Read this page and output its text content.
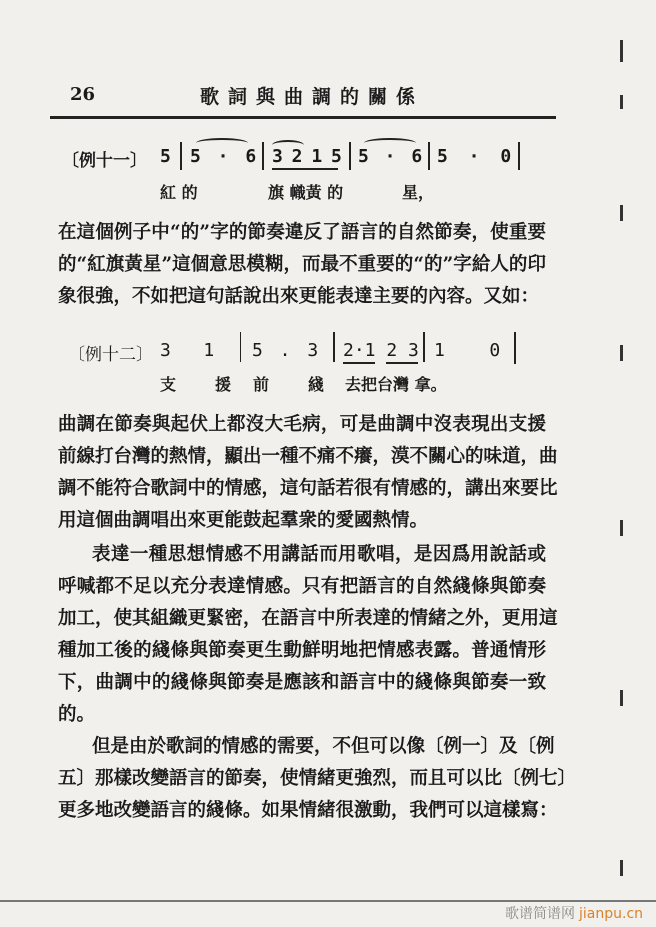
26	歌詞與曲調的關係
〔例十一〕 5 5 · 6 3 2 1 5 5 · 6 5 · 0
紅 的	旗 幟黃 的	星，
在這個例子中“的”字的節奏違反了語言的自然節奏，使重要
的“紅旗黃星”這個意思模糊，而最不重要的“的”字給人的印
象很強，不如把這句話說出來更能表達主要的內容。又如：
〔例十二〕 3   1 5 . 3 2·1 2 3 1   0
支 援 前 綫 去把台灣 拿。
曲調在節奏與起伏上都沒大毛病，可是曲調中沒表現出支援
前線打台灣的熱情，顯出一種不痛不癢，漠不關心的味道，曲
調不能符合歌詞中的情感，這句話若很有情感的，講出來要比
用這個曲調唱出來更能鼓起羣衆的愛國熱情。
表達一種思想情感不用講話而用歌唱，是因爲用說話或
呼喊都不足以充分表達情感。只有把語言的自然綫條與節奏
加工，使其組織更緊密，在語言中所表達的情緒之外，更用這
種加工後的綫條與節奏更生動鮮明地把情感表露。普通情形
下，曲調中的綫條與節奏是應該和語言中的綫條與節奏一致
的。
但是由於歌詞的情感的需要，不但可以像〔例一〕及〔例
五〕那樣改變語言的節奏，使情緒更強烈，而且可以比〔例七〕
更多地改變語言的綫條。如果情緒很激動，我們可以這樣寫：
歌谱简谱网 jianpu.cn
